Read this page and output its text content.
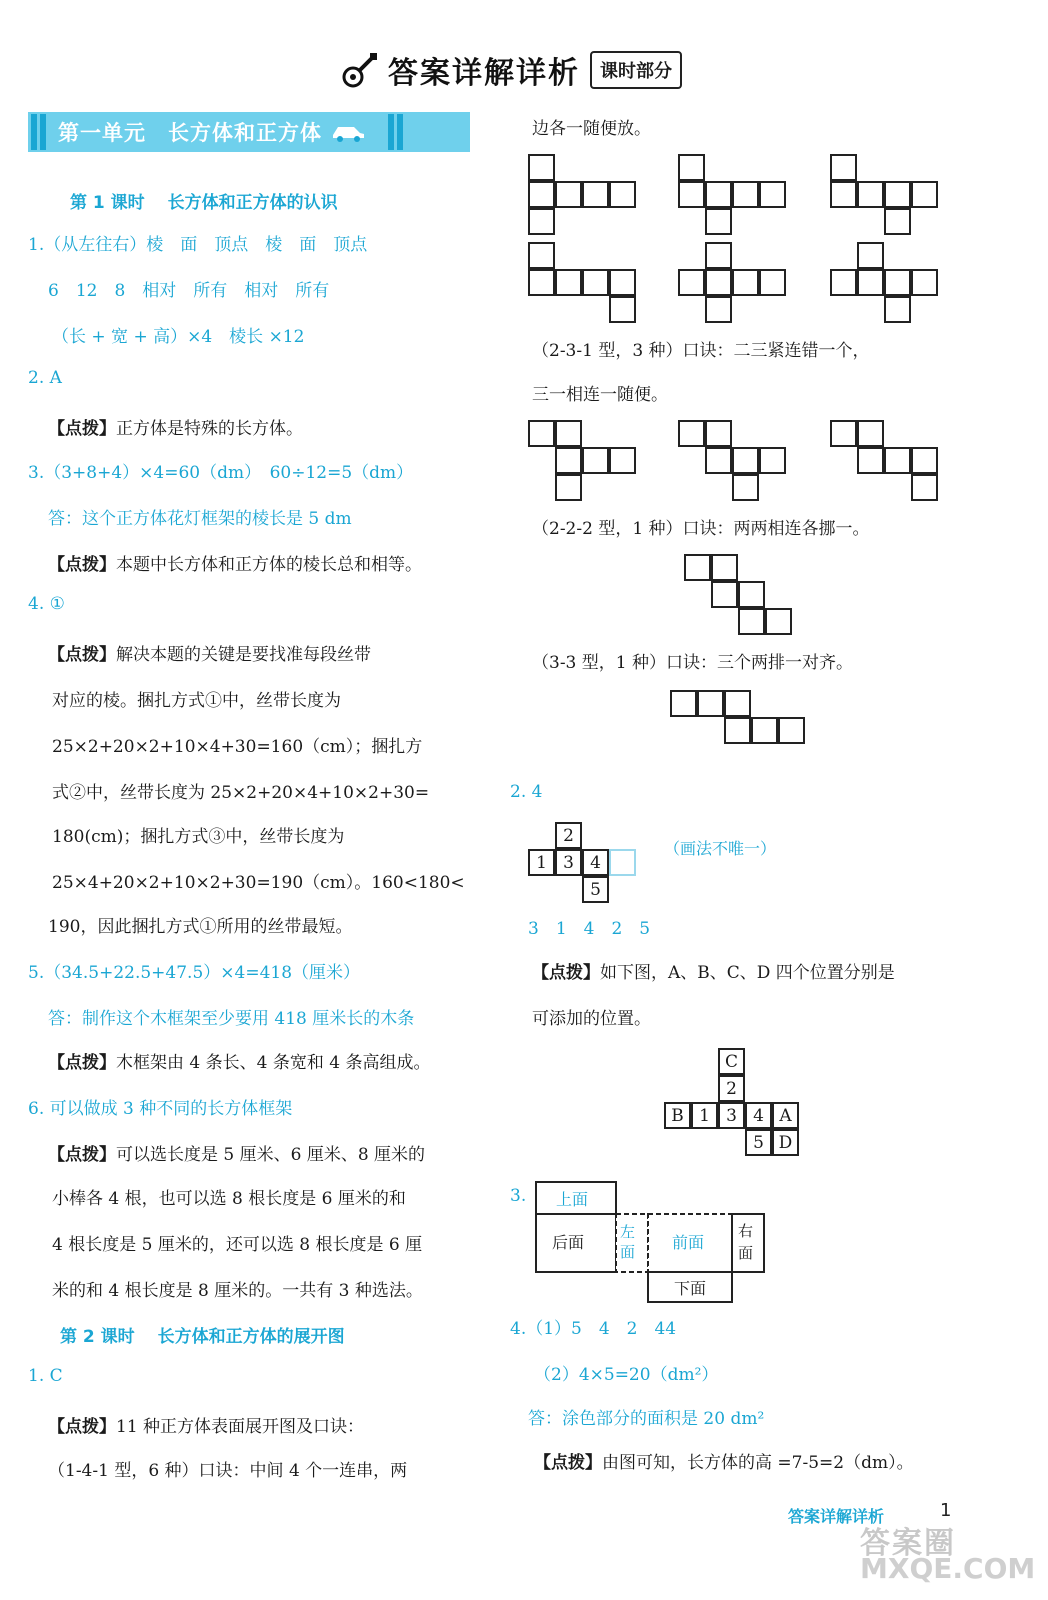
答案详解详析	课时部分
第一单元　长方体和正方体
第 1 课时　 长方体和正方体的认识
1.（从左往右）棱　面　顶点　棱　面　顶点
6　12　8　相对　所有　相对　所有
（长 + 宽 + 高）×4　棱长 ×12
2. A
【点拨】正方体是特殊的长方体。
3.（3+8+4）×4=60（dm）　60÷12=5（dm）
答：这个正方体花灯框架的棱长是 5 dm
【点拨】本题中长方体和正方体的棱长总和相等。
4. ①
【点拨】解决本题的关键是要找准每段丝带
对应的棱。捆扎方式①中，丝带长度为
25×2+20×2+10×4+30=160（cm）；捆扎方
式②中，丝带长度为 25×2+20×4+10×2+30=
180(cm)；捆扎方式③中，丝带长度为
25×4+20×2+10×2+30=190（cm）。160<180<
190，因此捆扎方式①所用的丝带最短。
5.（34.5+22.5+47.5）×4=418（厘米）
答：制作这个木框架至少要用 418 厘米长的木条
【点拨】木框架由 4 条长、4 条宽和 4 条高组成。
6. 可以做成 3 种不同的长方体框架
【点拨】可以选长度是 5 厘米、6 厘米、8 厘米的
小棒各 4 根，也可以选 8 根长度是 6 厘米的和
4 根长度是 5 厘米的，还可以选 8 根长度是 6 厘
米的和 4 根长度是 8 厘米的。一共有 3 种选法。
第 2 课时　 长方体和正方体的展开图
1. C
【点拨】11 种正方体表面展开图及口诀：
（1-4-1 型，6 种）口诀：中间 4 个一连串，两
边各一随便放。
（2-3-1 型，3 种）口诀：二三紧连错一个，
三一相连一随便。
（2-2-2 型，1 种）口诀：两两相连各挪一。
（3-3 型，1 种）口诀：三个两排一对齐。
2. 4
2
1 3 4
5
（画法不唯一）
3　1　4　2　5
【点拨】如下图，A、B、C、D 四个位置分别是
可添加的位置。
C
2
B 1 3 4 A
5 D
3. 上面
后面
左面	前面
右面
下面
4.（1）5　4　2　44
（2）4×5=20（dm²）
答：涂色部分的面积是 20 dm²
【点拨】由图可知，长方体的高 =7-5=2（dm）。
答案详解详析	1
答案圈
MXQE.COM
